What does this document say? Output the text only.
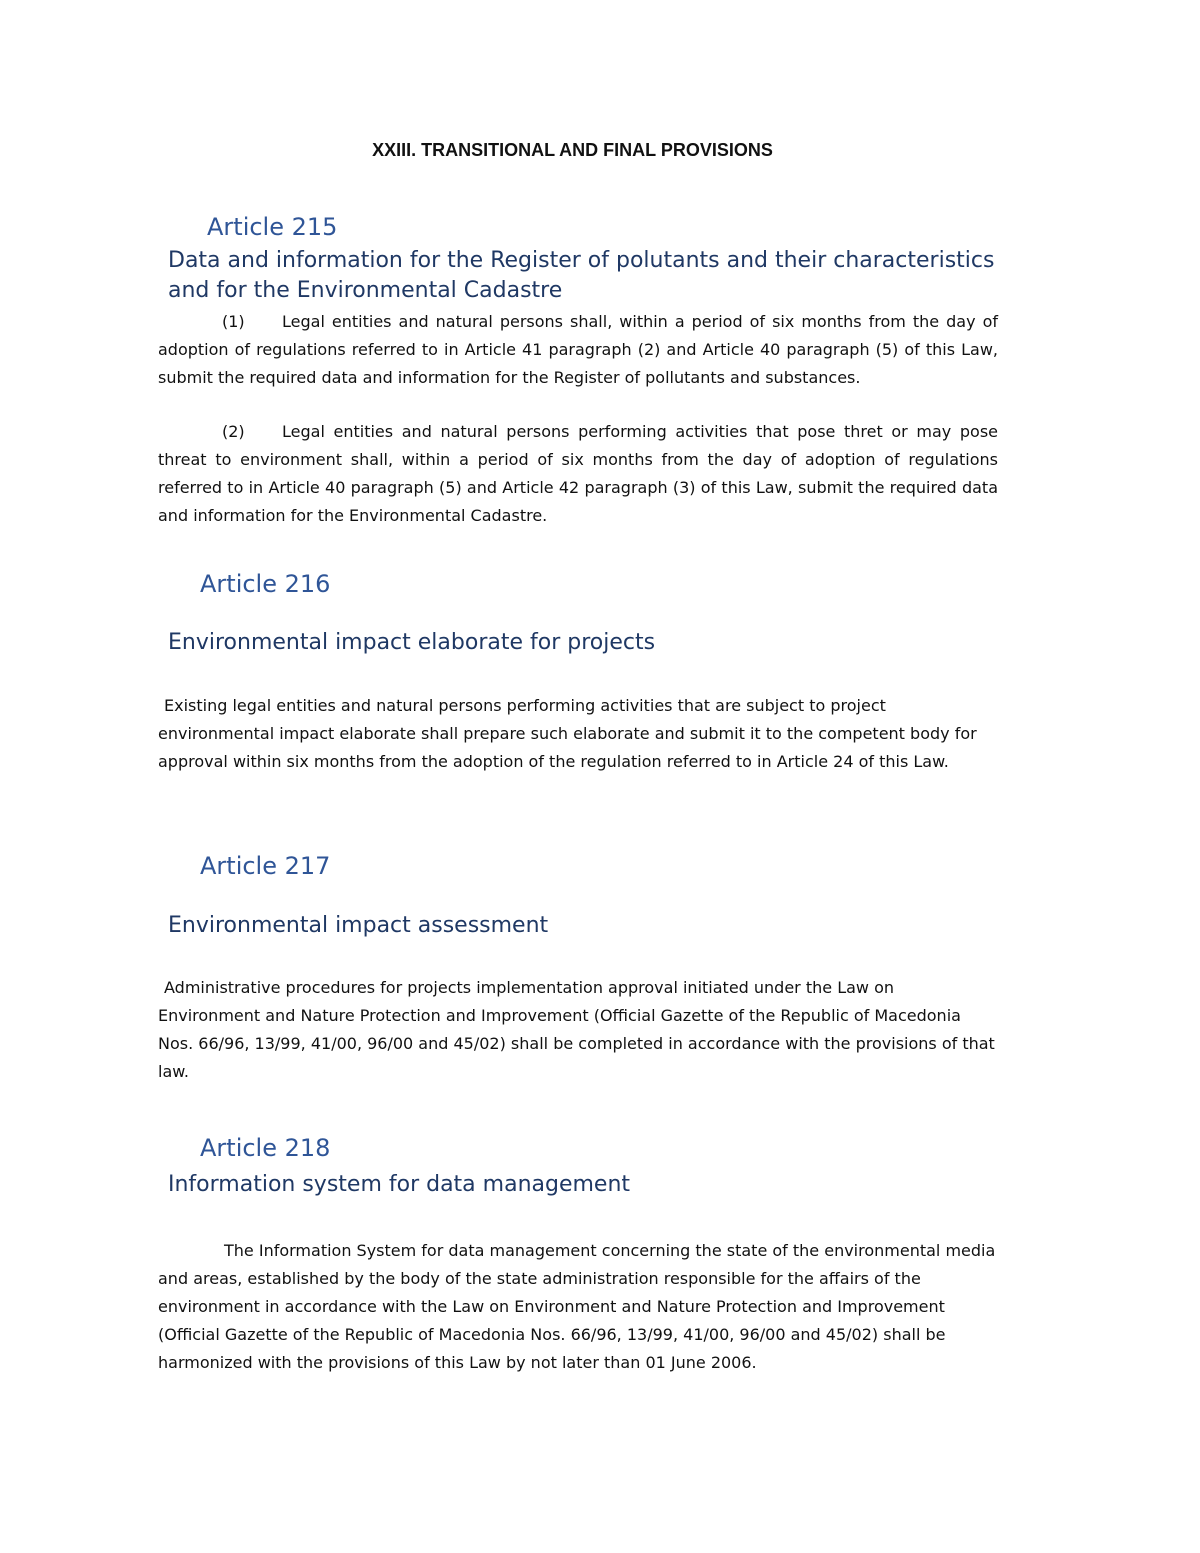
XXIII. TRANSITIONAL AND FINAL PROVISIONS
Article 215
Data and information for the Register of polutants and their characteristics and for the Environmental Cadastre
(1) Legal entities and natural persons shall, within a period of six months from the day of adoption of regulations referred to in Article 41 paragraph (2) and Article 40 paragraph (5) of this Law, submit the required data and information for the Register of pollutants and substances.
(2) Legal entities and natural persons performing activities that pose thret or may pose threat to environment shall, within a period of six months from the day of adoption of regulations referred to in Article 40 paragraph (5) and Article 42 paragraph (3) of this Law, submit the required data and information for the Environmental Cadastre.
Article 216
Environmental impact elaborate for projects
Existing legal entities and natural persons performing activities that are subject to project environmental impact elaborate shall prepare such elaborate and submit it to the competent body for approval within six months from the adoption of the regulation referred to in Article 24 of this Law.
Article 217
Environmental impact assessment
Administrative procedures for projects implementation approval initiated under the Law on Environment and Nature Protection and Improvement (Official Gazette of the Republic of Macedonia Nos. 66/96, 13/99, 41/00, 96/00 and 45/02) shall be completed in accordance with the provisions of that law.
Article 218
Information system for data management
The Information System for data management concerning the state of the environmental media and areas, established by the body of the state administration responsible for the affairs of the environment in accordance with the Law on Environment and Nature Protection and Improvement (Official Gazette of the Republic of Macedonia Nos. 66/96, 13/99, 41/00, 96/00 and 45/02) shall be harmonized with the provisions of this Law by not later than 01 June 2006.
